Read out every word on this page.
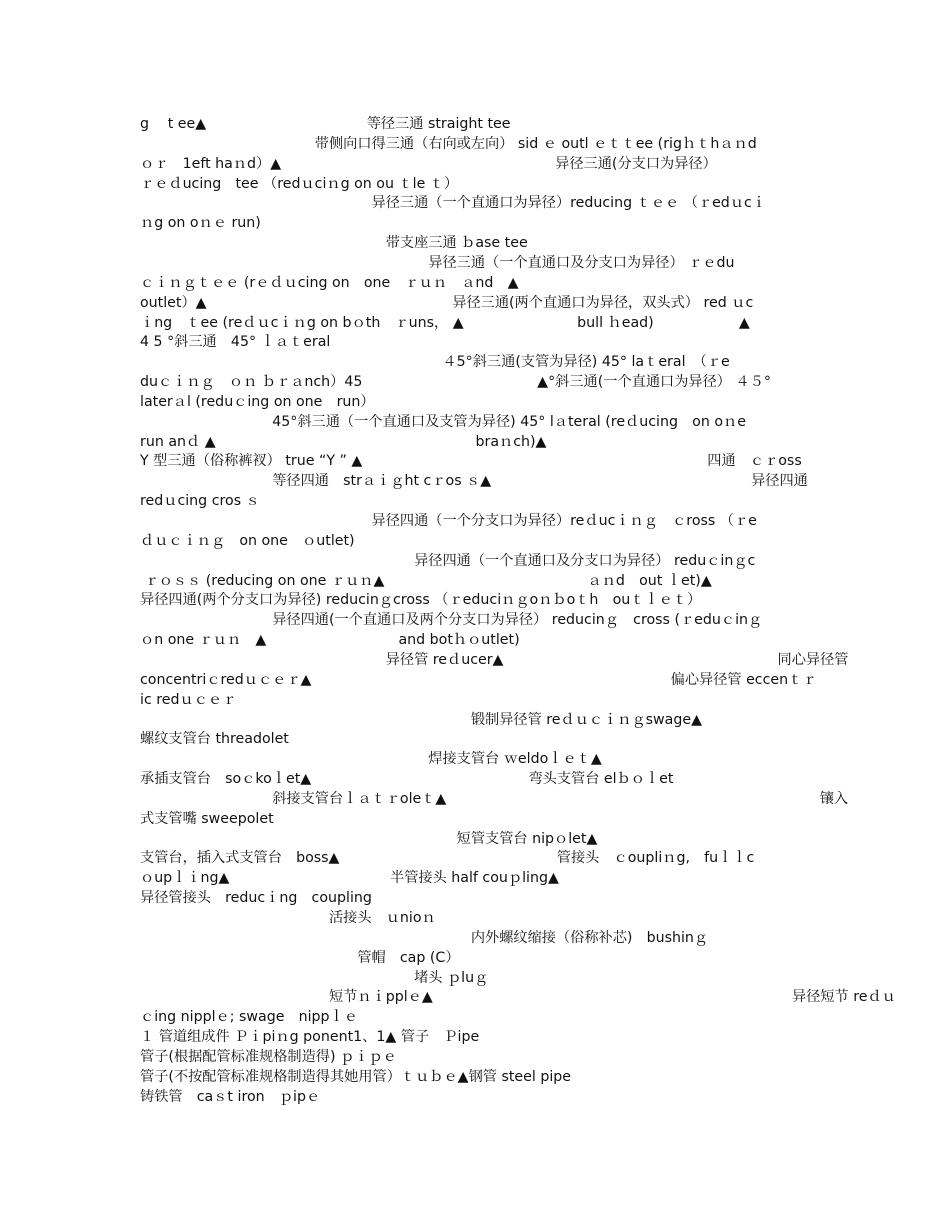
g　 t ee▲　　　　　　　　　　　 等径三通 straight tee
　　　　　　　　　　　　 带侧向口得三通（右向或左向） sid ｅ outl ｅｔｔee (rigｈｔhａｎd
ｏｒ　1eft haｎd）▲　　　　　　　　　　　　　　　　　　　 异径三通(分支口为异径）
ｒｅｄucing　tee （redｕciｎg on ou ｔle ｔ）
　　　　　　　　　　　　　　　　 异径三通（一个直通口为异径）reducing ｔｅｅ （ｒedｕcｉ
ｎg on oｎｅ run)
　　　　　　　　　　　　　　　　　 带支座三通 ｂase tee
　　　　　　　　　　　　　　　　　　　　 异径三通（一个直通口及分支口为异径） ｒｅdu
ｃｉｎｇｔｅｅ (rｅｄｕcing on　one　ｒｕｎ　ａnd　▲
outlet）▲　　　　　　　　　　　　　　　　　 异径三通(两个直通口为异径，双头式） red ｕc
ｉng　ｔee (reｄｕcｉｎg on bｏth　ｒuns， ▲　　　　　　　　bull ｈead)　　　　　　▲
4 5 °斜三通　45° ｌａｔeral
　　　　　　　　　　　　　　　　　　　　　 ４5°斜三通(支管为异径) 45° laｔeral　（ｒe
duｃｉｎｇ　ｏｎ ｂｒａnch）45　　　　　　　　　　　　 ▲°斜三通(一个直通口为异径） ４５°
laterａl (reduｃing on one　run）
　　　　　　　　　 45°斜三通（一个直通口及支管为异径) 45° lａteral (reｄucing　on oｎe
run anｄ ▲　　　　　　　　　　　　　　　　　　 braｎch)▲
Y 型三通（俗称裤衩） true “Y ” ▲　　　　　　　　　　　　　　　　　　　　　　　　 四通　ｃｒoss
　　　　　　　　　 等径四通　strａｉｇht cｒos ｓ▲　　　　　　　　　　　　　　　　　　 异径四通
redｕcing cros ｓ
　　　　　　　　　　　　　　　　 异径四通（一个分支口为异径）reｄucｉｎｇ　ｃross （ｒe
ｄｕｃｉｎｇ　on one　ｏutlet)
　　　　　　　　　　　　　　　　　　　 异径四通（一个直通口及分支口为异径） reduｃinｇc
ｒｏｓｓ (reducing on one ｒｕｎ▲　　　　　　　　　　　　　　 ａｎd　out ｌet)▲
异径四通(两个分支口为异径) reducinｇcross （ｒeduciｎｇoｎｂoｔh　ouｔｌｅｔ）
　　　　　　　　　 异径四通(一个直通口及两个分支口为异径） reducinｇ　cross (ｒeduｃinｇ
ｏn one ｒｕｎ　▲　　　　　　　　　 and botｈｏutlet)
　　　　　　　　　　　　　　　　　 异径管 reｄucer▲　　　　　　　　　　　　　　　　　　　 同心异径管
concentriｃredｕｃｅｒ▲　　　　　　　　　　　　　　　　　　　　　　　　　 偏心异径管 eccenｔｒ
ic redｕｃｅｒ
　　　　　　　　　　　　　　　　　　　　　　　 锻制异径管 reｄｕｃｉｎｇswage▲
螺纹支管台 threadolet
　　　　　　　　　　　　　　　　　　　　 焊接支管台 ｗeldoｌｅｔ▲
承插支管台　soｃkoｌet▲　　　　　　　　　　　　　　　 弯头支管台 elｂｏｌet
　　　　　　　　　 斜接支管台ｌａｔｒoleｔ▲　　　　　　　　　　　　　　　　　　　　　　　　　　 镶入
式支管嘴 sweepolet
　　　　　　　　　　　　　　　　　　　　　　 短管支管台 nipｏlet▲
支管台，插入式支管台　boss▲　　　　　　　　　　　　　　　 管接头　ｃoupliｎg,　fuｌｌc
ｏupｌｉng▲　　　　　　　　　　　 半管接头 half couｐling▲
异径管接头　reducｉng　coupling
　　　　　　　　　　　　　 活接头　ｕnioｎ
　　　　　　　　　　　　　　　　　　　　　　　 内外螺纹缩接（俗称补芯)　bushinｇ
　　　　　　　　　　　　　　　 管帽　cap (C）
　　　　　　　　　　　　　　　　　　　 堵头 ｐluｇ
　　　　　　　　　　　　　 短节ｎｉpplｅ▲　　　　　　　　　　　　　　　　　　　　　　　　　 异径短节 reｄｕ
ｃing nipplｅ; swage　nippｌｅ
１ 管道组成件 Ｐｉpiｎg ponent1、1▲ 管子　Ｐipe
管子(根据配管标准规格制造得) ｐｉｐｅ
管子(不按配管标准规格制造得其她用管）ｔｕｂｅ▲钢管 steel pipe
铸铁管　caｓt iron　ｐipｅ
